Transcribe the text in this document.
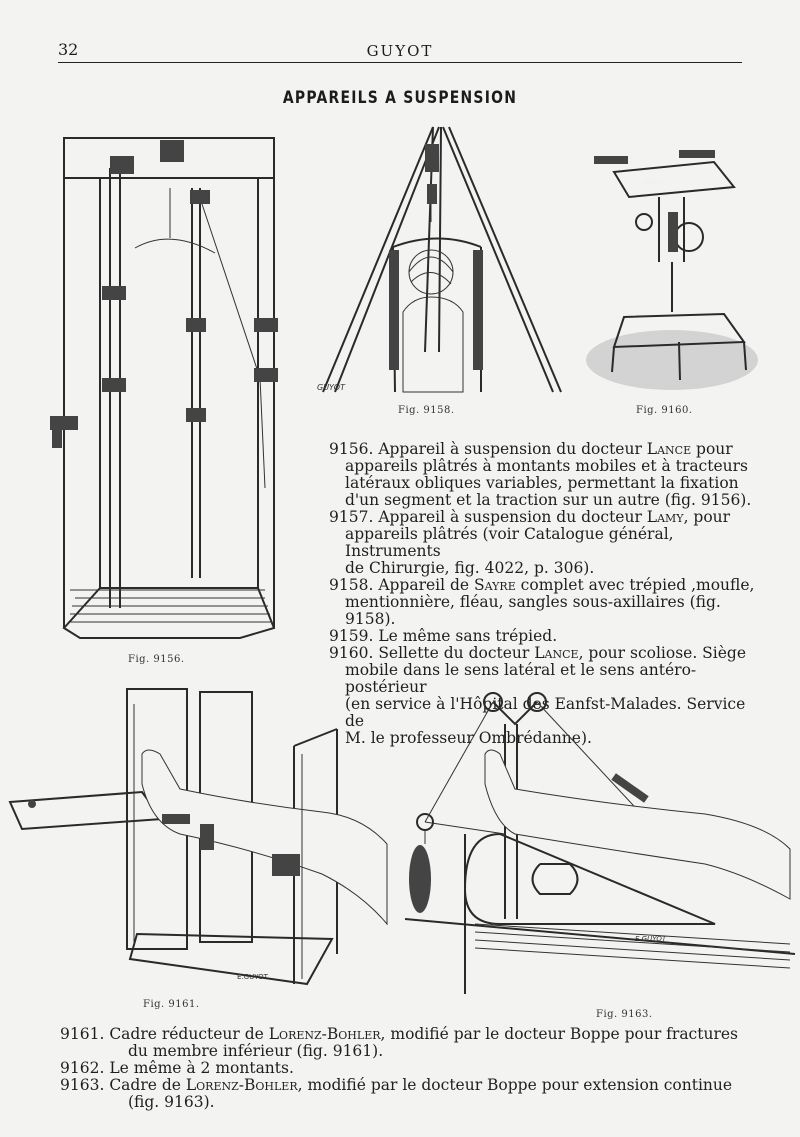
32	GUYOT
APPAREILS A SUSPENSION
Fig. 9156.
GUYOT
Fig. 9158.
GUYOT
Fig. 9160.
9156. Appareil à suspension du docteur Lance pour
appareils plâtrés à montants mobiles et à tracteurs
latéraux obliques variables, permettant la fixation
d'un segment et la traction sur un autre (fig. 9156).
9157. Appareil à suspension du docteur Lamy, pour
appareils plâtrés (voir Catalogue général, Instruments
de Chirurgie, fig. 4022, p. 306).
9158. Appareil de Sayre complet avec trépied ,moufle,
mentionnière, fléau, sangles sous-axillaires (fig. 9158).
9159. Le même sans trépied.
9160. Sellette du docteur Lance, pour scoliose. Siège
mobile dans le sens latéral et le sens antéro-postérieur
(en service à l'Hôpital des Eanfst-Malades. Service de
M. le professeur Ombrédanne).
E.GUYOT
Fig. 9161.
E.GUYOT
Fig. 9163.
9161. Cadre réducteur de Lorenz-Bohler, modifié par le docteur Boppe pour fractures
du membre inférieur (fig. 9161).
9162. Le même à 2 montants.
9163. Cadre de Lorenz-Bohler, modifié par le docteur Boppe pour extension continue
(fig. 9163).
